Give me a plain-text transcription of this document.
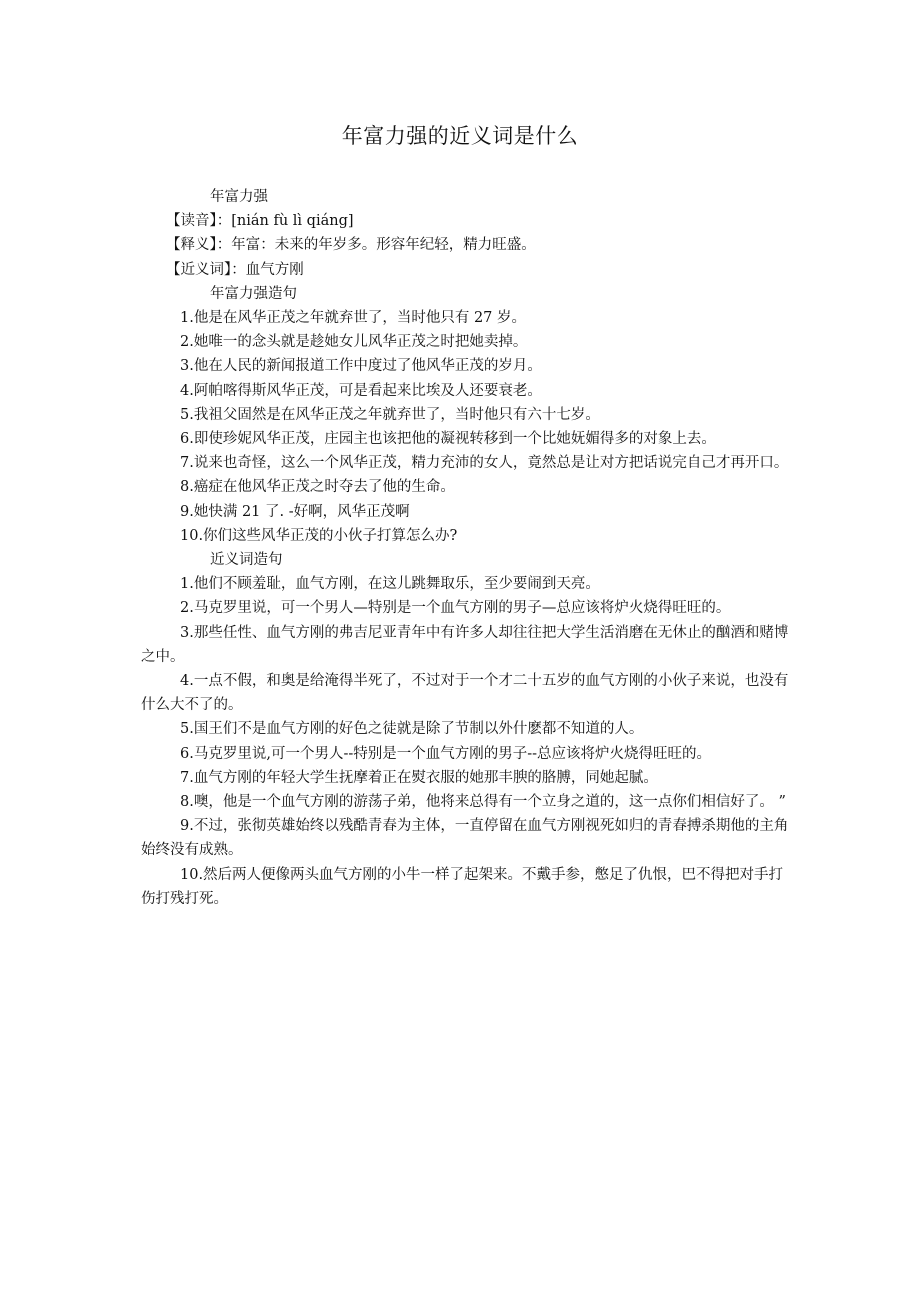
年富力强的近义词是什么

年富力强

【读音】：[nián fù lì qiáng]

【释义】：年富：未来的年岁多。形容年纪轻，精力旺盛。

【近义词】：血气方刚

年富力强造句

1.他是在风华正茂之年就弃世了，当时他只有 27 岁。

2.她唯一的念头就是趁她女儿风华正茂之时把她卖掉。

3.他在人民的新闻报道工作中度过了他风华正茂的岁月。

4.阿帕喀得斯风华正茂，可是看起来比埃及人还要衰老。

5.我祖父固然是在风华正茂之年就弃世了，当时他只有六十七岁。

6.即使珍妮风华正茂，庄园主也该把他的凝视转移到一个比她妩媚得多的对象上去。

7.说来也奇怪，这么一个风华正茂，精力充沛的女人，竟然总是让对方把话说完自己才再开口。

8.癌症在他风华正茂之时夺去了他的生命。

9.她快满 21 了. -好啊，风华正茂啊

10.你们这些风华正茂的小伙子打算怎么办?

近义词造句

1.他们不顾羞耻，血气方刚，在这儿跳舞取乐，至少要闹到天亮。

2.马克罗里说，可一个男人—特别是一个血气方刚的男子—总应该将炉火烧得旺旺的。

3.那些任性、血气方刚的弗吉尼亚青年中有许多人却往往把大学生活消磨在无休止的酗酒和赌博之中。

4.一点不假，和奥是给淹得半死了，不过对于一个才二十五岁的血气方刚的小伙子来说，也没有什么大不了的。

5.国王们不是血气方刚的好色之徒就是除了节制以外什麽都不知道的人。

6.马克罗里说,可一个男人--特别是一个血气方刚的男子--总应该将炉火烧得旺旺的。

7.血气方刚的年轻大学生抚摩着正在熨衣服的她那丰腴的胳膊，同她起腻。

8.噢，他是一个血气方刚的游荡子弟，他将来总得有一个立身之道的，这一点你们相信好了。 ”

9.不过，张彻英雄始终以残酷青春为主体，一直停留在血气方刚视死如归的青春搏杀期他的主角始终没有成熟。

10.然后两人便像两头血气方刚的小牛一样了起架来。不戴手参，憋足了仇恨，巴不得把对手打伤打残打死。
